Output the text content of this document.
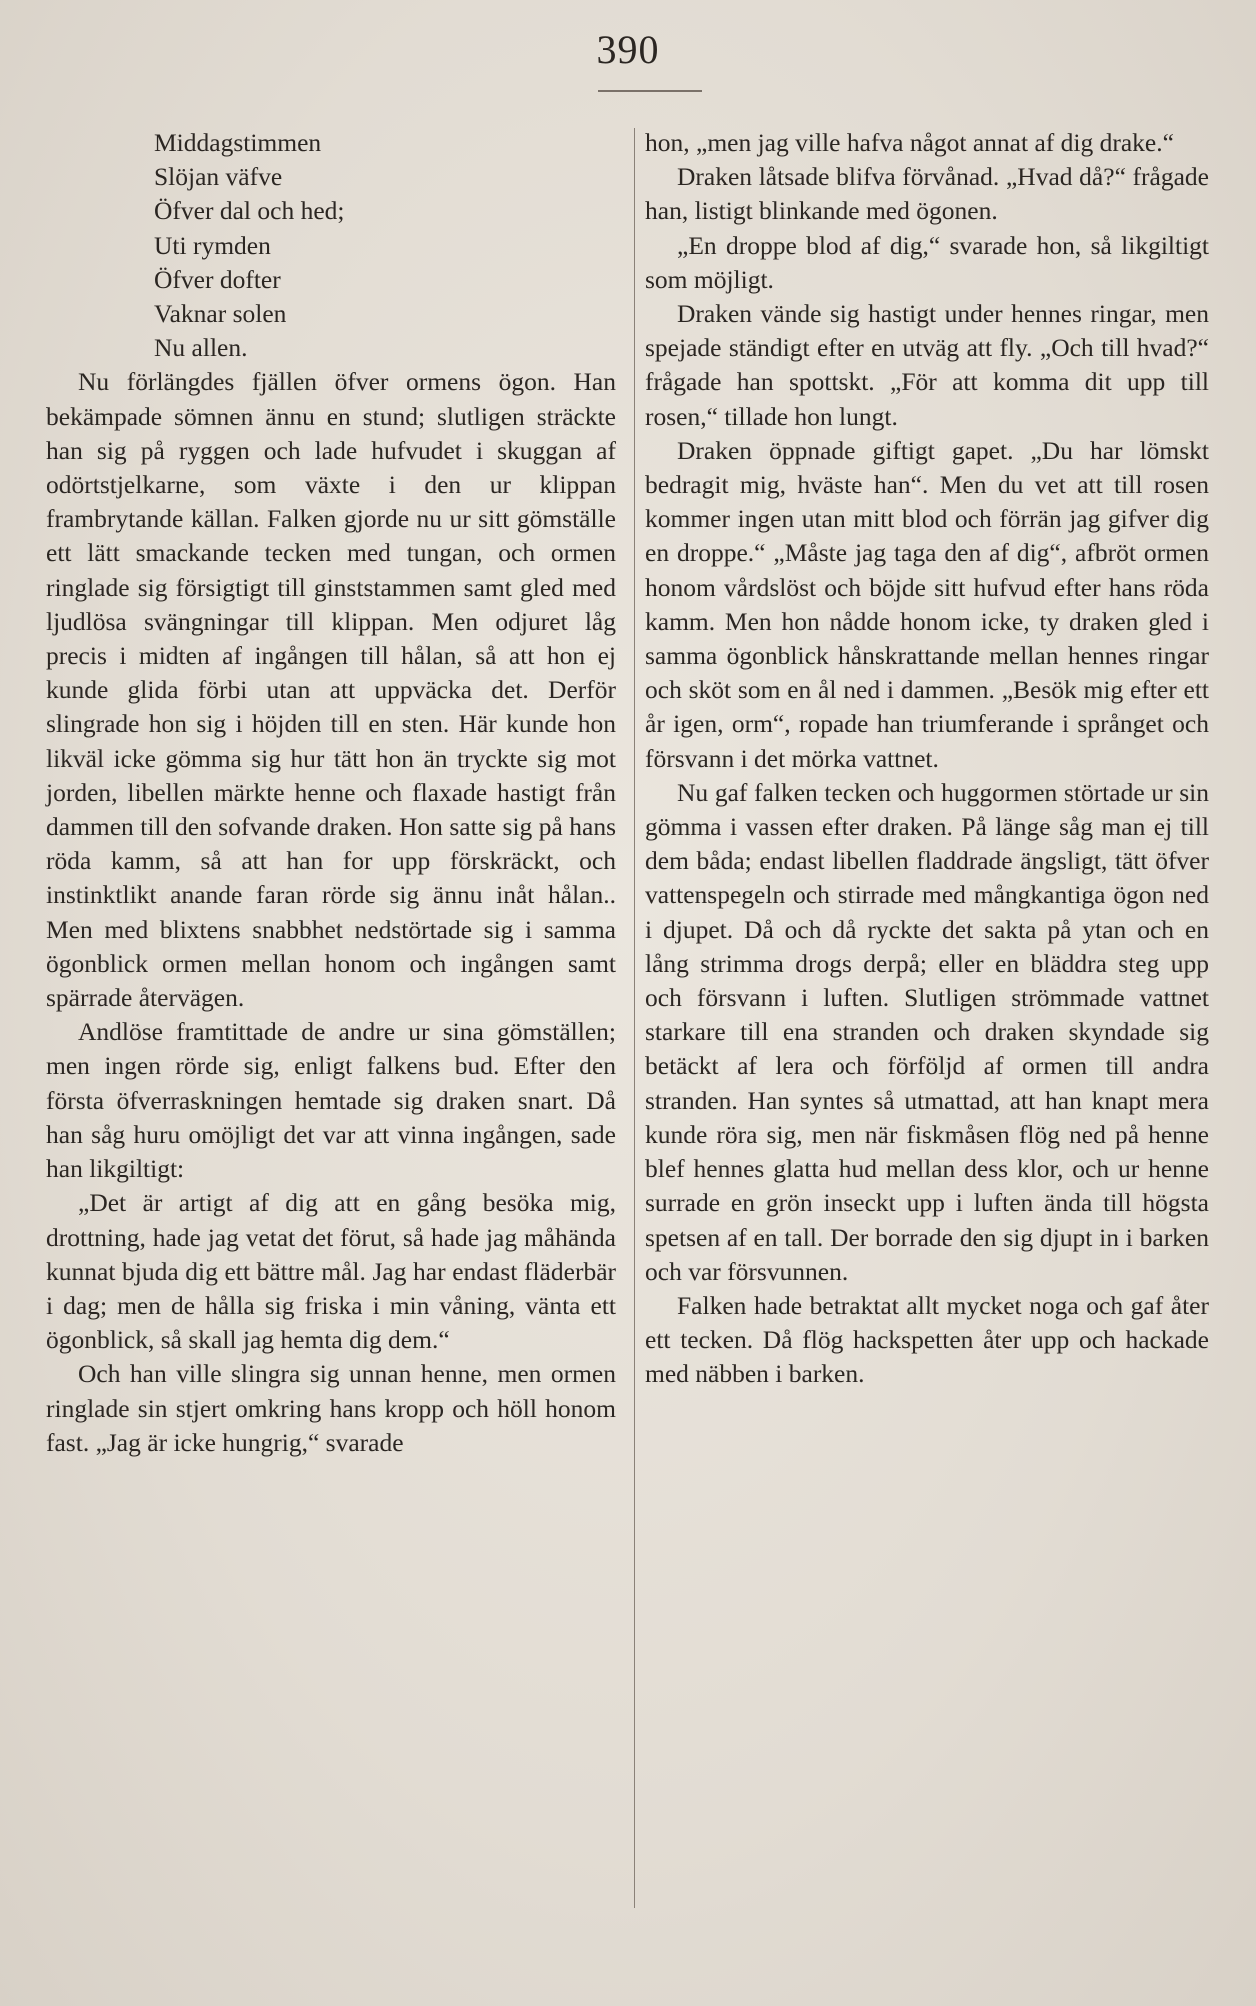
390
Middagstimmen
Slöjan väfve
Öfver dal och hed;
Uti rymden
Öfver dofter
Vaknar solen
Nu allen.

Nu förlängdes fjällen öfver ormens ögon. Han bekämpade sömnen ännu en stund; slutligen sträckte han sig på ryggen och lade hufvudet i skuggan af odörtstjelkarne, som växte i den ur klippan frambrytande källan. Falken gjorde nu ur sitt gömställe ett lätt smackande tecken med tungan, och ormen ringlade sig försigtigt till ginststammen samt gled med ljudlösa svängningar till klippan. Men odjuret låg precis i midten af ingången till hålan, så att hon ej kunde glida förbi utan att uppväcka det. Derför slingrade hon sig i höjden till en sten. Här kunde hon likväl icke gömma sig hur tätt hon än tryckte sig mot jorden, libellen märkte henne och flaxade hastigt från dammen till den sofvande draken. Hon satte sig på hans röda kamm, så att han for upp förskräckt, och instinktlikt anande faran rörde sig ännu inåt hålan.. Men med blixtens snabbhet nedstörtade sig i samma ögonblick ormen mellan honom och ingången samt spärrade återvägen.

Andlöse framtittade de andre ur sina gömställen; men ingen rörde sig, enligt falkens bud. Efter den första öfverraskningen hemtade sig draken snart. Då han såg huru omöjligt det var att vinna ingången, sade han likgiltigt:

„Det är artigt af dig att en gång besöka mig, drottning, hade jag vetat det förut, så hade jag måhända kunnat bjuda dig ett bättre mål. Jag har endast fläderbär i dag; men de hålla sig friska i min våning, vänta ett ögonblick, så skall jag hemta dig dem.“

Och han ville slingra sig unnan henne, men ormen ringlade sin stjert omkring hans kropp och höll honom fast. „Jag är icke hungrig,“ svarade

hon, „men jag ville hafva något annat af dig drake.“

Draken låtsade blifva förvånad. „Hvad då?“ frågade han, listigt blinkande med ögonen.

„En droppe blod af dig,“ svarade hon, så likgiltigt som möjligt.

Draken vände sig hastigt under hennes ringar, men spejade ständigt efter en utväg att fly. „Och till hvad?“ frågade han spottskt. „För att komma dit upp till rosen,“ tillade hon lungt.

Draken öppnade giftigt gapet. „Du har lömskt bedragit mig, hväste han“. Men du vet att till rosen kommer ingen utan mitt blod och förrän jag gifver dig en droppe.“ „Måste jag taga den af dig“, afbröt ormen honom vårdslöst och böjde sitt hufvud efter hans röda kamm. Men hon nådde honom icke, ty draken gled i samma ögonblick hånskrattande mellan hennes ringar och sköt som en ål ned i dammen. „Besök mig efter ett år igen, orm“, ropade han triumferande i språnget och försvann i det mörka vattnet.

Nu gaf falken tecken och huggormen störtade ur sin gömma i vassen efter draken. På länge såg man ej till dem båda; endast libellen fladdrade ängsligt, tätt öfver vattenspegeln och stirrade med mångkantiga ögon ned i djupet. Då och då ryckte det sakta på ytan och en lång strimma drogs derpå; eller en bläddra steg upp och försvann i luften. Slutligen strömmade vattnet starkare till ena stranden och draken skyndade sig betäckt af lera och förföljd af ormen till andra stranden. Han syntes så utmattad, att han knapt mera kunde röra sig, men när fiskmåsen flög ned på henne blef hennes glatta hud mellan dess klor, och ur henne surrade en grön inseckt upp i luften ända till högsta spetsen af en tall. Der borrade den sig djupt in i barken och var försvunnen.

Falken hade betraktat allt mycket noga och gaf åter ett tecken. Då flög hackspetten åter upp och hackade med näbben i barken.
